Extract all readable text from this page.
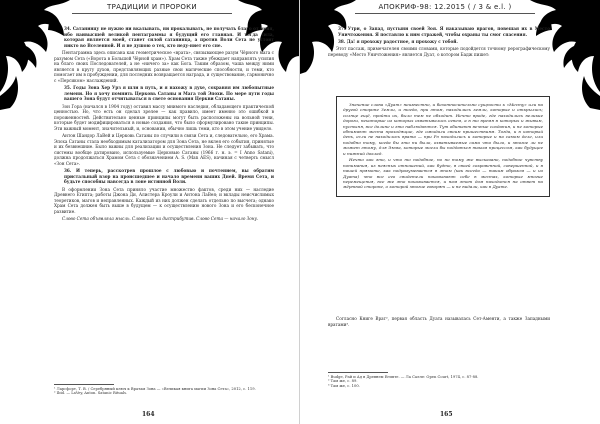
ТРАДИЦИИ И ПРОРОКИ

34. Сатанинцу не нужно ни вкалывать, ни прокалывать, не получать благо от меня, ибо наивысшей великой пентаграммы я будущий его главная. И тогда сила, которая является моей, станет силой сатанинца, а против Воли Сета не устоит никто во Вселенной. И я не душою о тех, кто неду-ниет его сне.

Пентаграмма здесь описана как геометрическое «врата», связывающее разум Чёрного мага с разумом Сета («Ворота в Большой Чёрной храм»). Храм Сета также убеждает направлять усилия на благо своих Последователей, а не «ничего за» как Бога. Таким образом, чаша между ними является в кругу духов, представляющих разные свои магические способности, и теми, кто помогает им в пробуждении, для последних возвращается награда, и существование, гармонично с «Персиком» наслаждений.

35. Годы Зона Хер Урз я шли в путь, и я нахожу в духе, сохраняя им любопытные лемени. Но я хочу помнить Церковь Сатаны и Мага той Эпохи. По мере пути годы вашего Зона будут отчитываться в свете основания Церкви Сатаны.

Зон Гора (начался в 1904 году) оставил массу мнимого наследия, обладающего практической ценностью. Но, что есть он сделал зрелее — как правило, имеет именно это ошибкой в пороженностей. Действительно ценные принципы могут быть расположены на вольной тени, которые будет модифицироваться в новые создания, что было сформулировано такие принципы. Эти важный момент, значительный, и, основании, обычно лишь теми, кто в этом учение увидело.

Антон Шандор ЛаВей и Церковь Сатаны по случили в связи Сета и, следовательно, его Храма. Эпоха Сатаны стала необходимым катализатором для Зона Сета, не вклея его события, принятые и их безвнешние. Было важны для реализации и осуществления Зона. Не следует забывать, что системы вообще датировано, используемые Церковью Сатаны (1966 г. н. э. = I Anno Satani), должна продолжаться Храмом Сета с обозначением A. S. (Man AES), начиная с четверть смысл «Зон Сета».

36. И теперь, расскотрев прошлое с любовью и почтением, вы обратим пристальный взор на происшедшее и начало времени ваших Дней. Время Сета, и будьте способны навсегда в лоне истинной Воли.

В оформлении Зона Сета приняло участие множество фактов, среди них — наследие Древнего Египта; работы Джона Ди, Алистера Кроули и Антона ЛаВея; и вклады неисчислимых теоретиков, магов и неправленных. Каждый из них должен сделать отдельно по высчета; однако Храм Сета должен быть выше в будущем — к осуществлению нового Зона и его бесконечное развитие.

Слово Сета объявляла мысль. Слово Бог на дистрибутив. Слово Сета — начало Зону.

¹ Ларсфорт, Т. В. / Серебряный ключ к Вратам Зона — «Великая книга магии Зона Сета», 2012, с. 119.

² Ibid. — LaVey, Anton. Satanic Rituals.

164
АПОКРИФ-98: 12.2015 ( / 3 & e.l. )

37. Утри, о Запад, пустыни своей Зоя. Я наказываю врагов, повешая их в Место Уничтожения. Я поставлю к ним стражей, чтобы охраны ты смог спасения.

38. Да! я прохожу радостное, я прохожу с тобой.

Этот пассаж, примечателен своими словами, которые подойдется точному рерографическому переводу «Место Уничтожения» является Дуат, о котором Бадж пишет:

Значение слова «Дуат» неизвестно, и безотносительно сущности к «Месту» или на другой стороне Земли, и тогда, при этом, находились земли, которые и открылись; солнце ещё, пройти их, было тем не обходит. Нечто вроде, где находились великие дороги, некоторые из которых охватывались огнем, а в то время в которых и живым, пустыня, все долине и это наблюдаются. Тут обитают вечные создания, и не которые обнимают места проходящие, где ожидали своим пришествиям. Тогда, и в который день, если не находилось врата — при Рэ находились и которые и на самом деле, или подобно тому, когда бы это ни было, охватываемые сама что было, и многое ли не может этому, для Эмма, которые могли бы поддаться таким процессом, как будущее и нижний доклад.

Нечто как это, и что то подобное, но по тому же высказано, подобное чувству понимания, из неясных отношений, как будто, в своей сокровенной, совершенной, и в нашей прямоте, как подразумевается в этом (как всегда — таким образом — и из Дуата) что все его свидетели показывают себе в местах, которые многие перемещения, все же это показывается, и нам этот дом находится на ответ на мёртвой стороне, о которой многие говорят — и не видали, как в Дуате.

Согласно Книге Врат², первая область Дуата называлась Сет-Аменти, а также Западными вратами³.

¹ Budge, Рай и Ад в Древнем Египте. — Ла Салле: Open Court, 1974, с. 87-88.

² Там же, с. 89.

³ Там же, с. 100.

165
